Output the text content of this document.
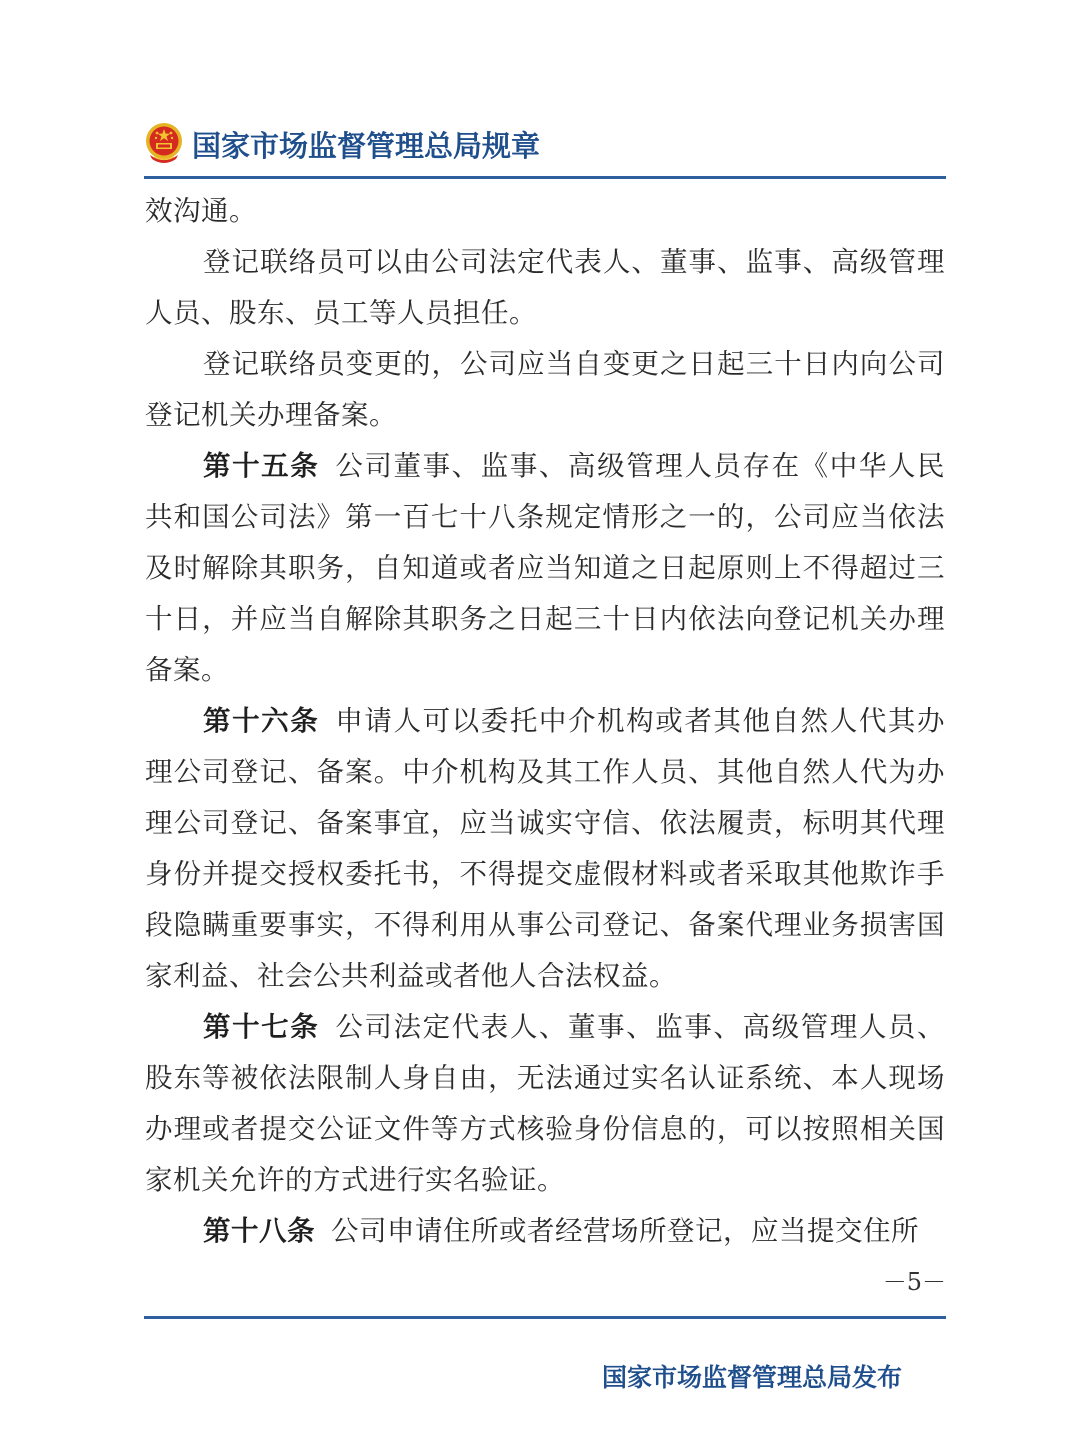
国家市场监督管理总局规章

效沟通。

登记联络员可以由公司法定代表人、董事、监事、高级管理人员、股东、员工等人员担任。

登记联络员变更的，公司应当自变更之日起三十日内向公司登记机关办理备案。

第十五条 公司董事、监事、高级管理人员存在《中华人民共和国公司法》第一百七十八条规定情形之一的，公司应当依法及时解除其职务，自知道或者应当知道之日起原则上不得超过三十日，并应当自解除其职务之日起三十日内依法向登记机关办理备案。

第十六条 申请人可以委托中介机构或者其他自然人代其办理公司登记、备案。中介机构及其工作人员、其他自然人代为办理公司登记、备案事宜，应当诚实守信、依法履责，标明其代理身份并提交授权委托书，不得提交虚假材料或者采取其他欺诈手段隐瞒重要事实，不得利用从事公司登记、备案代理业务损害国家利益、社会公共利益或者他人合法权益。

第十七条 公司法定代表人、董事、监事、高级管理人员、股东等被依法限制人身自由，无法通过实名认证系统、本人现场办理或者提交公证文件等方式核验身份信息的，可以按照相关国家机关允许的方式进行实名验证。

第十八条 公司申请住所或者经营场所登记，应当提交住所

－5－
国家市场监督管理总局发布
